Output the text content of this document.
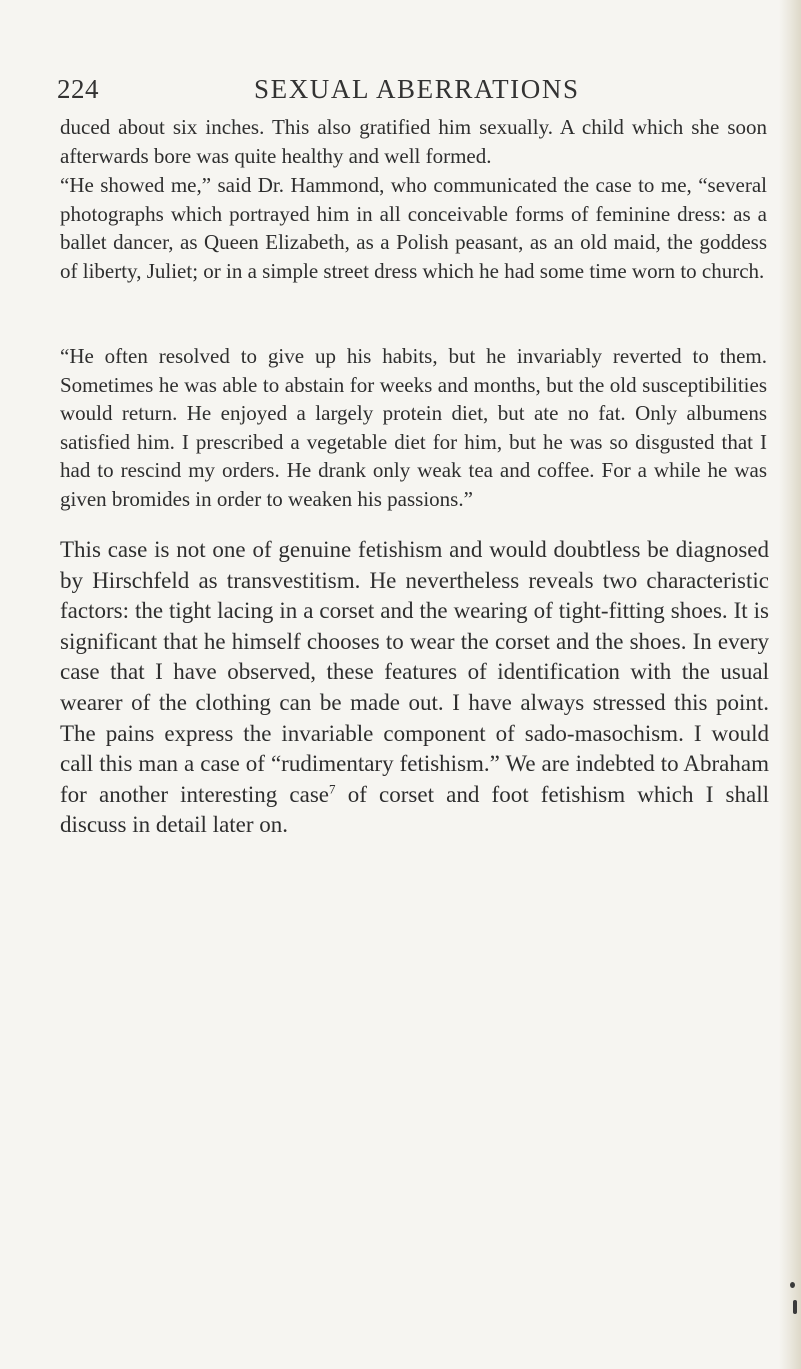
224	SEXUAL ABERRATIONS

duced about six inches. This also gratified him sexually. A child which she soon afterwards bore was quite healthy and well formed.

“He showed me,” said Dr. Hammond, who communicated the case to me, “several photographs which portrayed him in all conceivable forms of feminine dress: as a ballet dancer, as Queen Elizabeth, as a Polish peasant, as an old maid, the goddess of liberty, Juliet; or in a simple street dress which he had some time worn to church.

“He often resolved to give up his habits, but he invariably reverted to them. Sometimes he was able to abstain for weeks and months, but the old susceptibilities would return. He enjoyed a largely protein diet, but ate no fat. Only albumens satisfied him. I prescribed a vegetable diet for him, but he was so disgusted that I had to rescind my orders. He drank only weak tea and coffee. For a while he was given bromides in order to weaken his passions.”

This case is not one of genuine fetishism and would doubtless be diagnosed by Hirschfeld as transvestitism. He nevertheless reveals two characteristic factors: the tight lacing in a corset and the wearing of tight-fitting shoes. It is significant that he himself chooses to wear the corset and the shoes. In every case that I have observed, these features of identification with the usual wearer of the clothing can be made out. I have always stressed this point. The pains express the invariable component of sado-masochism. I would call this man a case of “rudimentary fetishism.” We are indebted to Abraham for another interesting case$^7$ of corset and foot fetishism which I shall discuss in detail later on.
